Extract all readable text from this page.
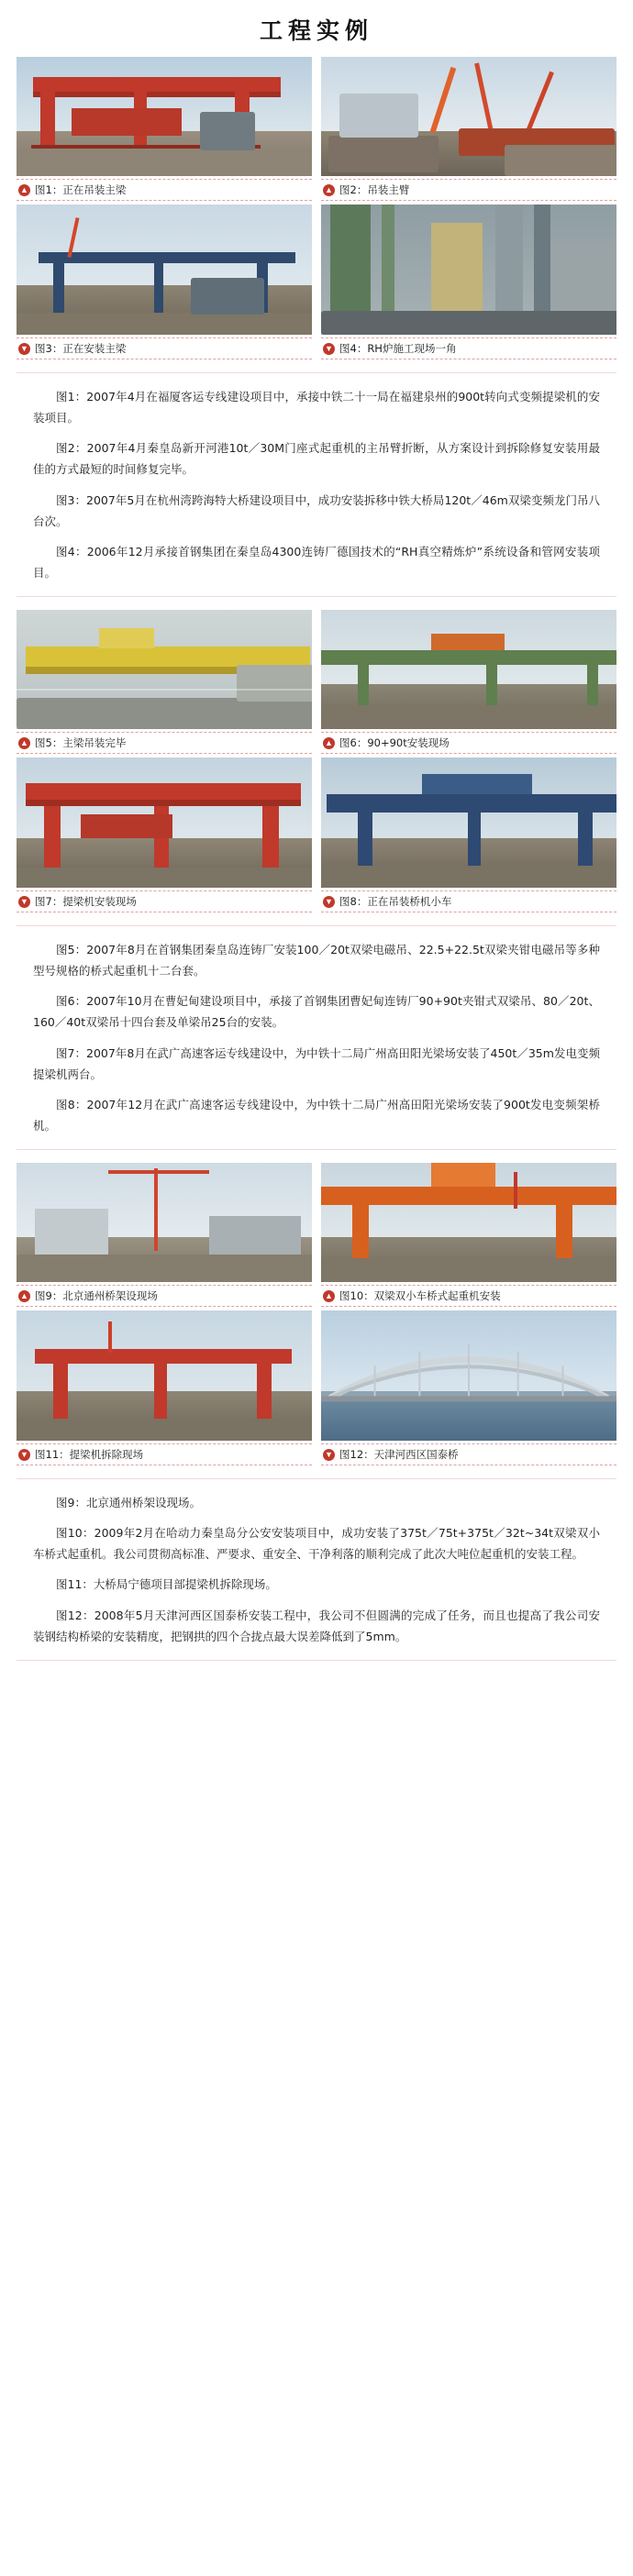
工程实例
▲ 图1：正在吊装主梁	▲ 图2：吊装主臂
▼ 图3：正在安装主梁	▼ 图4：RH炉施工现场一角

图1：2007年4月在福厦客运专线建设项目中，承接中铁二十一局在福建泉州的900t转向式变频提梁机的安装项目。

图2：2007年4月秦皇岛新开河港10t／30M门座式起重机的主吊臂折断，从方案设计到拆除修复安装用最佳的方式最短的时间修复完毕。

图3：2007年5月在杭州湾跨海特大桥建设项目中，成功安装拆移中铁大桥局120t／46m双梁变频龙门吊八台次。

图4：2006年12月承接首钢集团在秦皇岛4300连铸厂德国技术的“RH真空精炼炉”系统设备和管网安装项目。

▲ 图5：主梁吊装完毕	▲ 图6：90+90t安装现场
▼ 图7：提梁机安装现场	▼ 图8：正在吊装桥机小车

图5：2007年8月在首钢集团秦皇岛连铸厂安装100／20t双梁电磁吊、22.5+22.5t双梁夹钳电磁吊等多种型号规格的桥式起重机十二台套。

图6：2007年10月在曹妃甸建设项目中，承接了首钢集团曹妃甸连铸厂90+90t夹钳式双梁吊、80／20t、160／40t双梁吊十四台套及单梁吊25台的安装。

图7：2007年8月在武广高速客运专线建设中，为中铁十二局广州高田阳光梁场安装了450t／35m发电变频提梁机两台。

图8：2007年12月在武广高速客运专线建设中，为中铁十二局广州高田阳光梁场安装了900t发电变频架桥机。

▲ 图9：北京通州桥架设现场	▲ 图10：双梁双小车桥式起重机安装
▼ 图11：提梁机拆除现场	▼ 图12：天津河西区国泰桥

图9：北京通州桥架设现场。

图10：2009年2月在哈动力秦皇岛分公安安装项目中，成功安装了375t／75t+375t／32t~34t双梁双小车桥式起重机。我公司贯彻高标准、严要求、重安全、干净利落的顺利完成了此次大吨位起重机的安装工程。

图11：大桥局宁德项目部提梁机拆除现场。

图12：2008年5月天津河西区国泰桥安装工程中，我公司不但圆满的完成了任务，而且也提高了我公司安装钢结构桥梁的安装精度，把钢拱的四个合拢点最大误差降低到了5mm。
